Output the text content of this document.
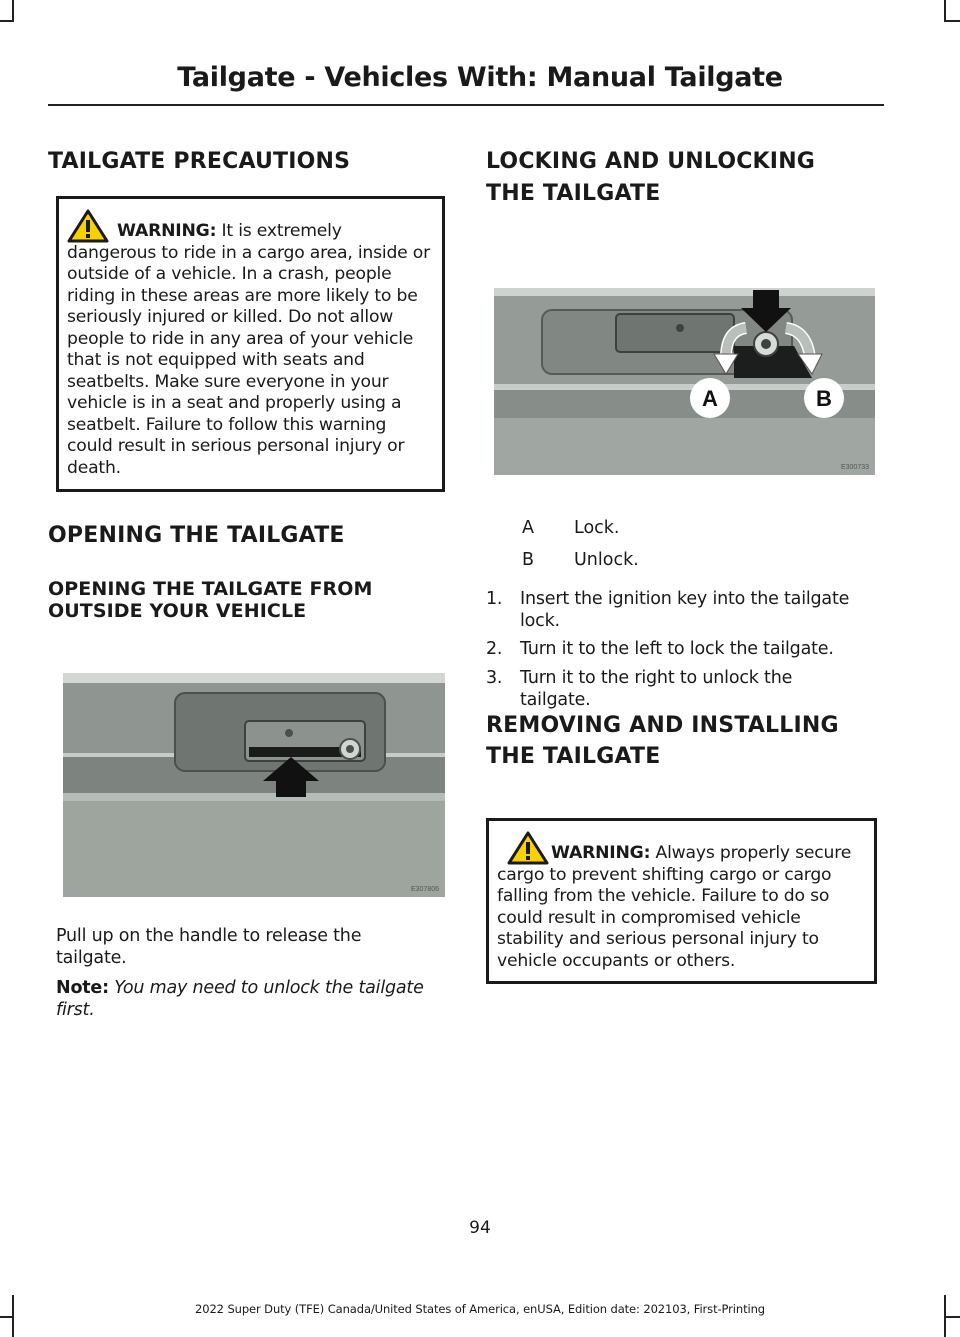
Tailgate - Vehicles With: Manual Tailgate
TAILGATE PRECAUTIONS
WARNING: It is extremely dangerous to ride in a cargo area, inside or outside of a vehicle. In a crash, people riding in these areas are more likely to be seriously injured or killed. Do not allow people to ride in any area of your vehicle that is not equipped with seats and seatbelts. Make sure everyone in your vehicle is in a seat and properly using a seatbelt. Failure to follow this warning could result in serious personal injury or death.
OPENING THE TAILGATE
OPENING THE TAILGATE FROM
OUTSIDE YOUR VEHICLE
E307806
Pull up on the handle to release the tailgate.
Note: You may need to unlock the tailgate first.
LOCKING AND UNLOCKING
THE TAILGATE
A	B
E300733
A Lock.
B Unlock.
1. Insert the ignition key into the tailgate lock.
2. Turn it to the left to lock the tailgate.
3. Turn it to the right to unlock the tailgate.
REMOVING AND INSTALLING
THE TAILGATE
WARNING: Always properly secure cargo to prevent shifting cargo or cargo falling from the vehicle. Failure to do so could result in compromised vehicle stability and serious personal injury to vehicle occupants or others.
94
2022 Super Duty (TFE) Canada/United States of America, enUSA, Edition date: 202103, First-Printing
